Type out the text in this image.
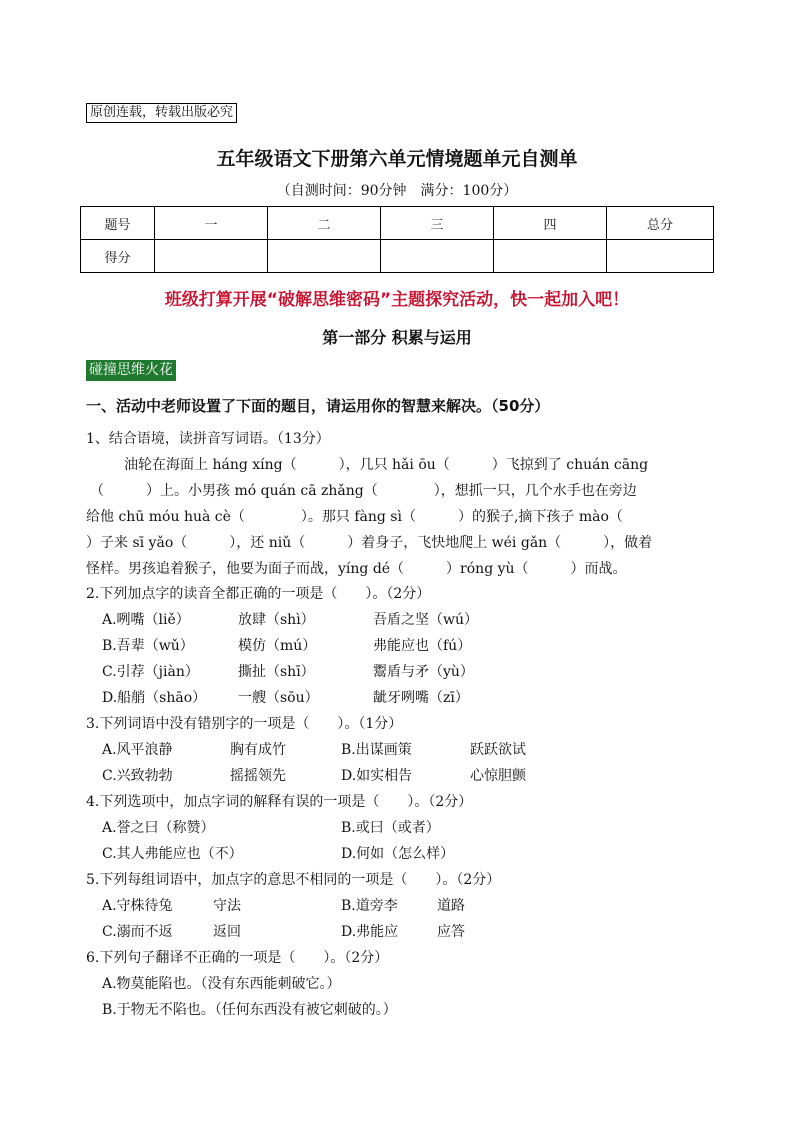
原创连载，转载出版必究
五年级语文下册第六单元情境题单元自测单
（自测时间：90分钟　满分：100分）
题号	一	二	三	四	总分
得分					
班级打算开展“破解思维密码”主题探究活动，快一起加入吧！
第一部分 积累与运用
碰撞思维火花
一、活动中老师设置了下面的题目，请运用你的智慧来解决。（50分）
1、结合语境，读拼音写词语。（13分）
油轮在海面上 háng xíng（　　　），几只 hǎi ōu（　　　）飞掠到了 chuán cāng
（　　　）上。小男孩 mó quán cā zhǎng（　　　　），想抓一只，几个水手也在旁边
给他 chū móu huà cè（　　　　）。那只 fàng sì（　　　）的猴子,摘下孩子 mào（
）子来 sī yǎo（　　　），还 niǔ（　　　）着身子，飞快地爬上 wéi gǎn（　　　），做着
怪样。男孩追着猴子，他要为面子而战，yíng dé（　　　）róng yù（　　　）而战。
2.下列加点字的读音全都正确的一项是（　　）。（2分）
A.咧嘴（liě）	放肆（shì）	吾盾之坚（wú）
B.吾辈（wǔ）	模仿（mú）	弗能应也（fú）
C.引荐（jiàn）	撕扯（shī）	鬻盾与矛（yù）
D.船艄（shāo） 一艘（sōu）	龇牙咧嘴（zī）
3.下列词语中没有错别字的一项是（　　）。（1分）
A.风平浪静	胸有成竹	B.出谋画策	跃跃欲试
C.兴致勃勃	摇摇领先	D.如实相告	心惊胆颤
4.下列选项中，加点字词的解释有误的一项是（　　）。（2分）
A.誉之曰（称赞）	B.或曰（或者）
C.其人弗能应也（不）	D.何如（怎么样）
5.下列每组词语中，加点字的意思不相同的一项是（　　）。（2分）
A.守株待兔	守法	B.道旁李	道路
C.溺而不返	返回	D.弗能应	应答
6.下列句子翻译不正确的一项是（　　）。（2分）
A.物莫能陷也。（没有东西能刺破它。）
B.于物无不陷也。（任何东西没有被它刺破的。）
